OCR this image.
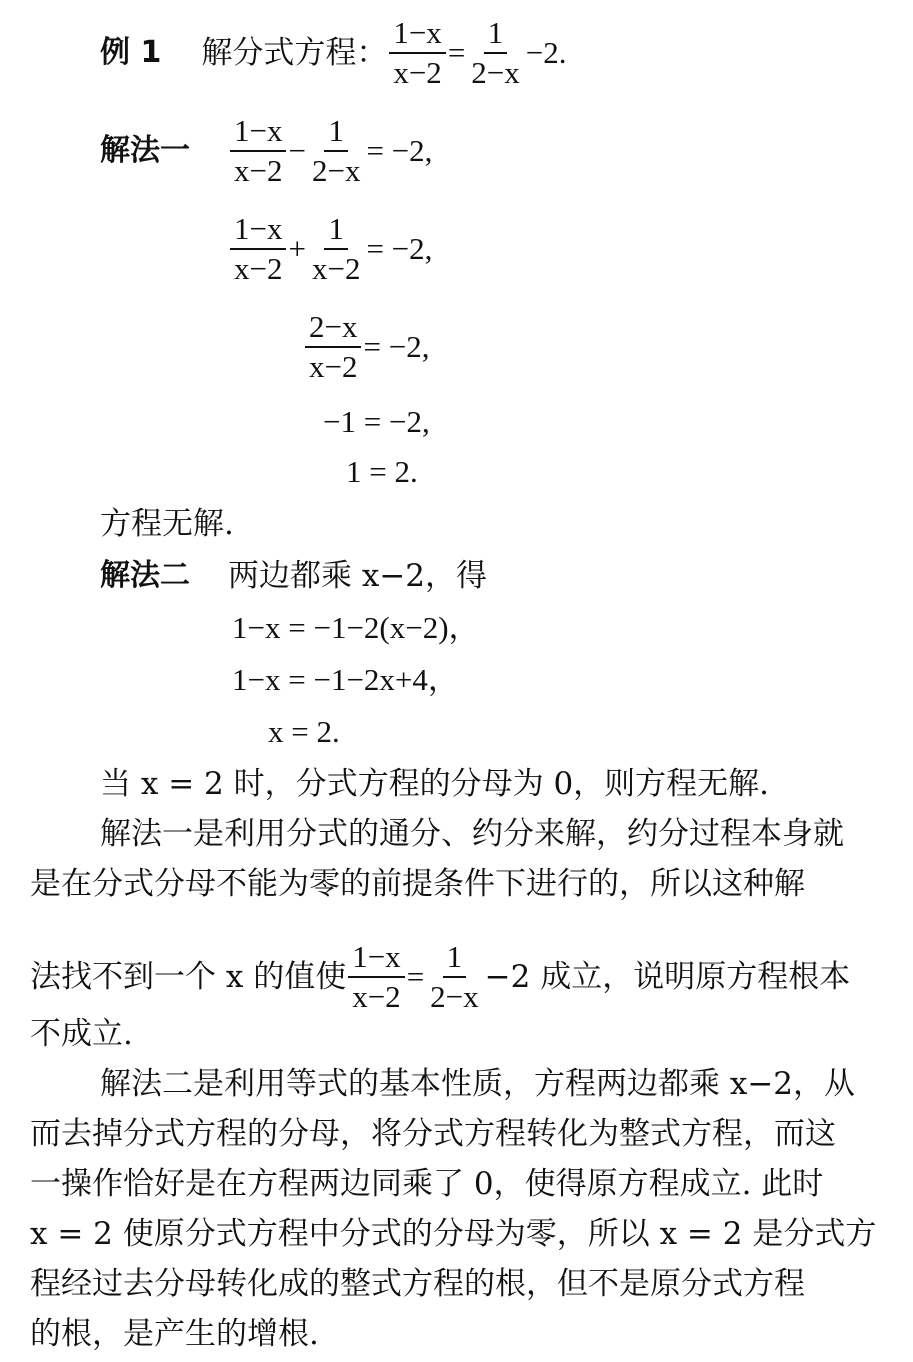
例 1 解分式方程： $\frac{1-x}{x-2} = \frac{1}{2-x} -2$.
解法一 $\frac{1-x}{x-2} - \frac{1}{2-x} = -2$,
$\frac{1-x}{x-2} + \frac{1}{x-2} = -2$,
$\frac{2-x}{x-2} = -2$,
−1 = −2,
1 = 2.
方程无解.
解法二 两边都乘 x−2，得
1−x = −1−2(x−2)，
1−x = −1−2x+4，
x = 2.
当 x = 2 时，分式方程的分母为 0，则方程无解.
解法一是利用分式的通分、约分来解，约分过程本身就
是在分式分母不能为零的前提条件下进行的，所以这种解
法找不到一个 x 的值使 $\frac{1-x}{x-2} = \frac{1}{2-x} -2$ 成立，说明原方程根本
不成立.
解法二是利用等式的基本性质，方程两边都乘 x−2，从
而去掉分式方程的分母，将分式方程转化为整式方程，而这
一操作恰好是在方程两边同乘了 0，使得原方程成立. 此时
x = 2 使原分式方程中分式的分母为零，所以 x = 2 是分式方
程经过去分母转化成的整式方程的根，但不是原分式方程
的根，是产生的增根.
